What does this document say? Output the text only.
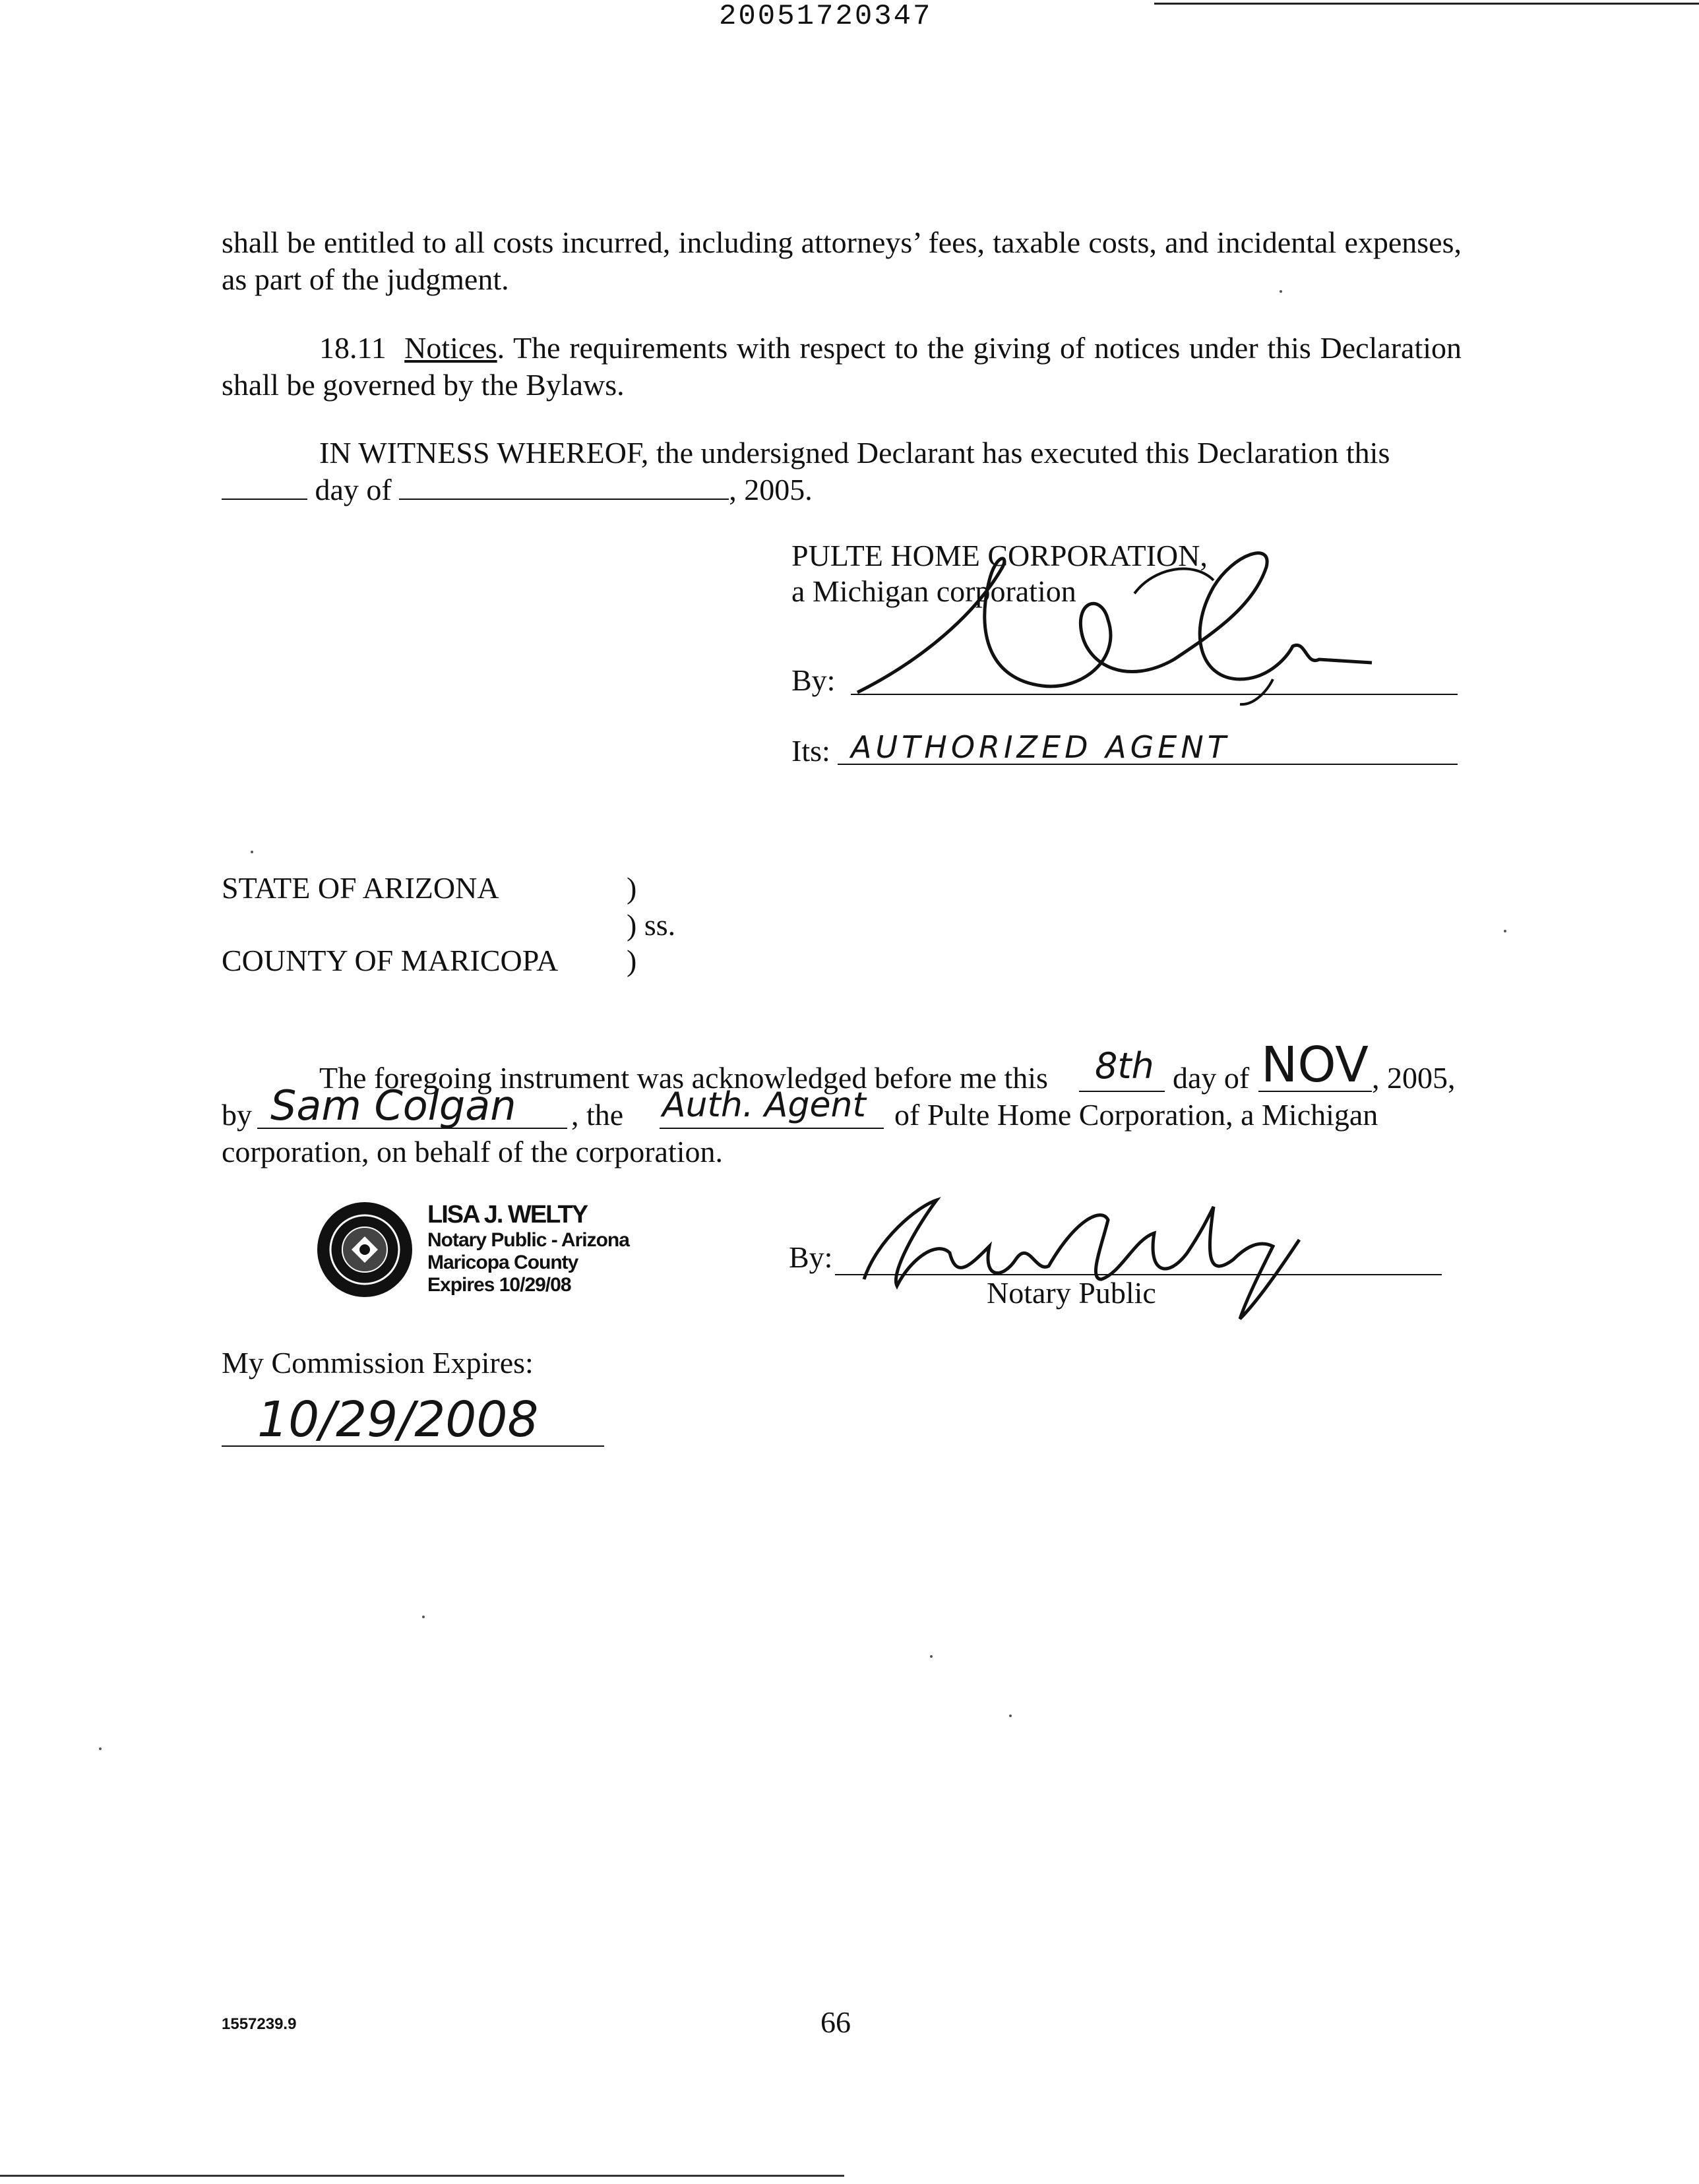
20051720347

shall be entitled to all costs incurred, including attorneys’ fees, taxable costs, and incidental expenses, as part of the judgment.

18.11 Notices. The requirements with respect to the giving of notices under this Declaration shall be governed by the Bylaws.

IN WITNESS WHEREOF, the undersigned Declarant has executed this Declaration this
day of	, 2005.
PULTE HOME CORPORATION,
a Michigan corporation
By:
Its: AUTHORIZED AGENT
STATE OF ARIZONA
COUNTY OF MARICOPA
)
) ss.
)
The foregoing instrument was acknowledged before me this 8th day of NOV , 2005,
by Sam Colgan , the Auth. Agent of Pulte Home Corporation, a Michigan
corporation, on behalf of the corporation.
LISA J. WELTY
Notary Public - Arizona
Maricopa County
Expires 10/29/08
By:
Notary Public
My Commission Expires:
10/29/2008
1557239.9	66
